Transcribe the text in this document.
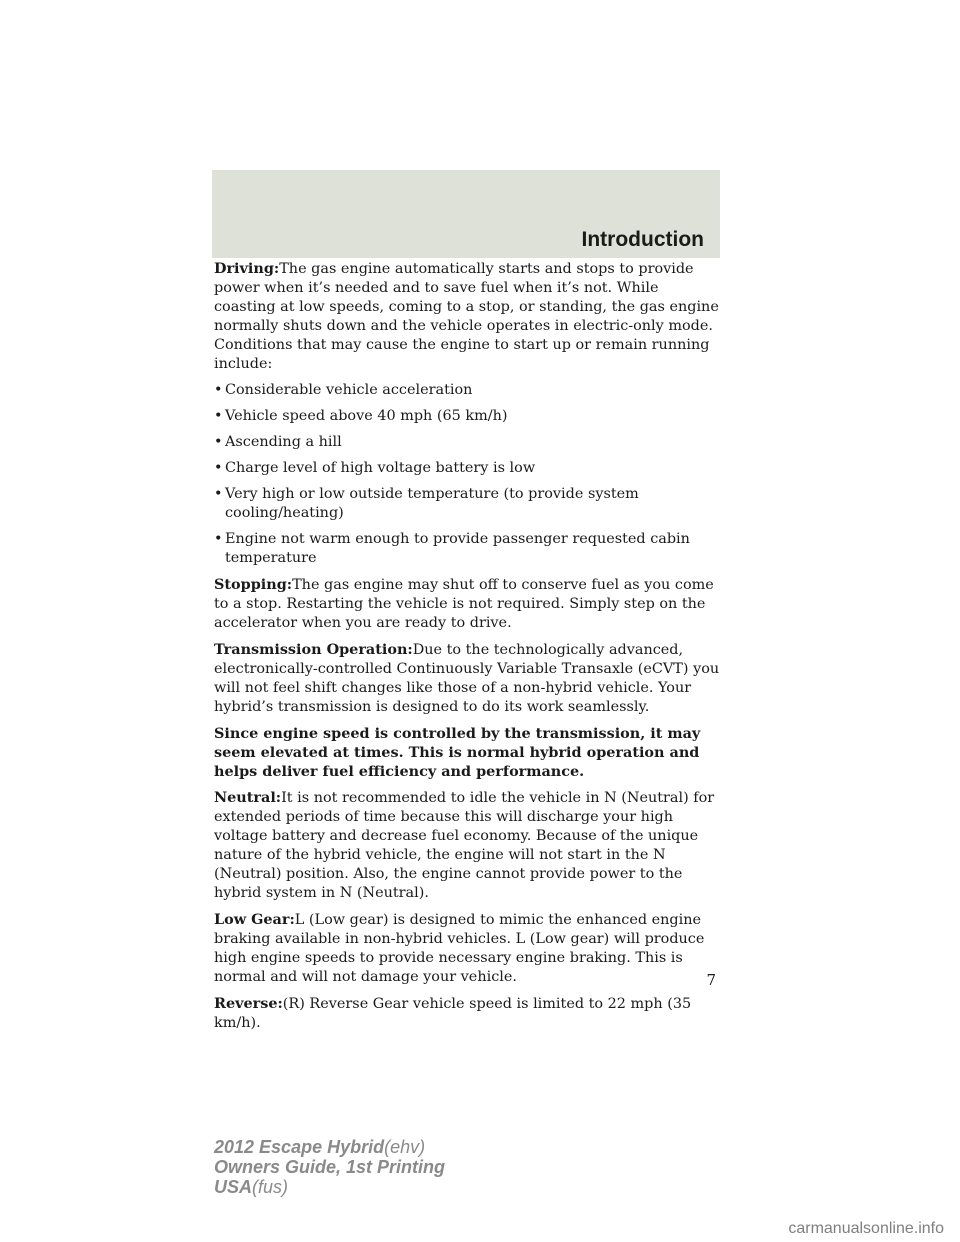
Introduction

Driving:The gas engine automatically starts and stops to provide power when it’s needed and to save fuel when it’s not. While coasting at low speeds, coming to a stop, or standing, the gas engine normally shuts down and the vehicle operates in electric-only mode. Conditions that may cause the engine to start up or remain running include:

• Considerable vehicle acceleration
• Vehicle speed above 40 mph (65 km/h)
• Ascending a hill
• Charge level of high voltage battery is low
• Very high or low outside temperature (to provide system cooling/heating)
• Engine not warm enough to provide passenger requested cabin temperature

Stopping:The gas engine may shut off to conserve fuel as you come to a stop. Restarting the vehicle is not required. Simply step on the accelerator when you are ready to drive.

Transmission Operation:Due to the technologically advanced, electronically-controlled Continuously Variable Transaxle (eCVT) you will not feel shift changes like those of a non-hybrid vehicle. Your hybrid’s transmission is designed to do its work seamlessly.

Since engine speed is controlled by the transmission, it may seem elevated at times. This is normal hybrid operation and helps deliver fuel efficiency and performance.

Neutral:It is not recommended to idle the vehicle in N (Neutral) for extended periods of time because this will discharge your high voltage battery and decrease fuel economy. Because of the unique nature of the hybrid vehicle, the engine will not start in the N (Neutral) position. Also, the engine cannot provide power to the hybrid system in N (Neutral).

Low Gear:L (Low gear) is designed to mimic the enhanced engine braking available in non-hybrid vehicles. L (Low gear) will produce high engine speeds to provide necessary engine braking. This is normal and will not damage your vehicle.

Reverse:(R) Reverse Gear vehicle speed is limited to 22 mph (35 km/h).

7
2012 Escape Hybrid(ehv)
Owners Guide, 1st Printing
USA(fus)
carmanualsonline.info
